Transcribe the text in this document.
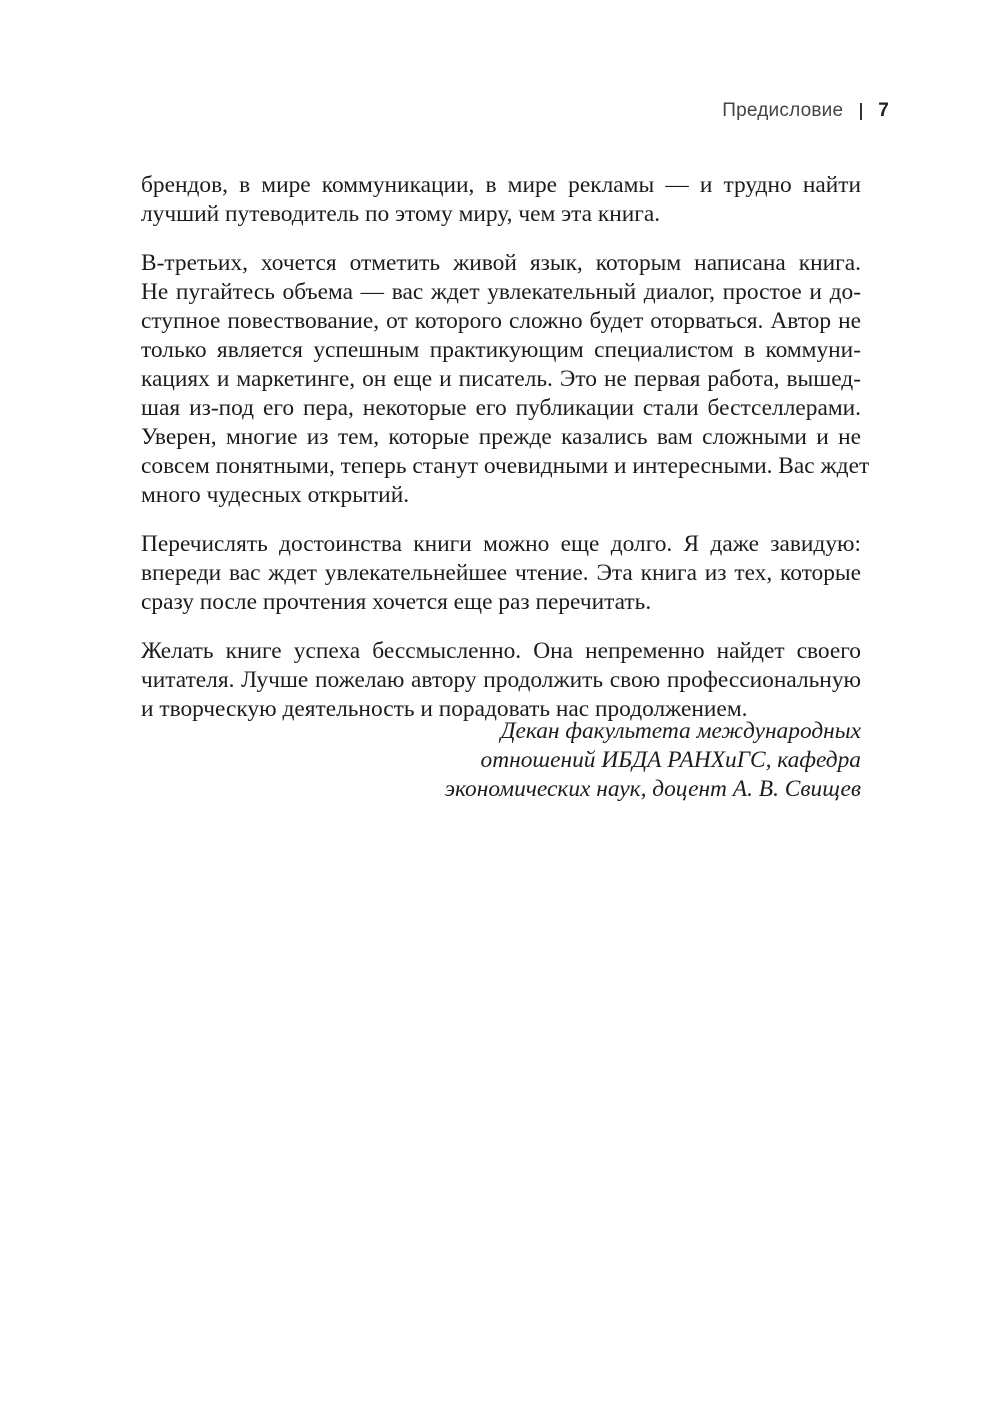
Предисловие 7

брендов, в мире коммуникации, в мире рекламы — и трудно найти
лучший путеводитель по этому миру, чем эта книга.

В-третьих, хочется отметить живой язык, которым написана книга.
Не пугайтесь объема — вас ждет увлекательный диалог, простое и до-
ступное повествование, от которого сложно будет оторваться. Автор не
только является успешным практикующим специалистом в коммуни-
кациях и маркетинге, он еще и писатель. Это не первая работа, вышед-
шая из-под его пера, некоторые его публикации стали бестселлерами.
Уверен, многие из тем, которые прежде казались вам сложными и не
совсем понятными, теперь станут очевидными и интересными. Вас ждет
много чудесных открытий.

Перечислять достоинства книги можно еще долго. Я даже завидую:
впереди вас ждет увлекательнейшее чтение. Эта книга из тех, которые
сразу после прочтения хочется еще раз перечитать.

Желать книге успеха бессмысленно. Она непременно найдет своего
читателя. Лучше пожелаю автору продолжить свою профессиональную
и творческую деятельность и порадовать нас продолжением.

Декан факультета международных
отношений ИБДА РАНХиГС, кафедра
экономических наук, доцент А. В. Свищев
